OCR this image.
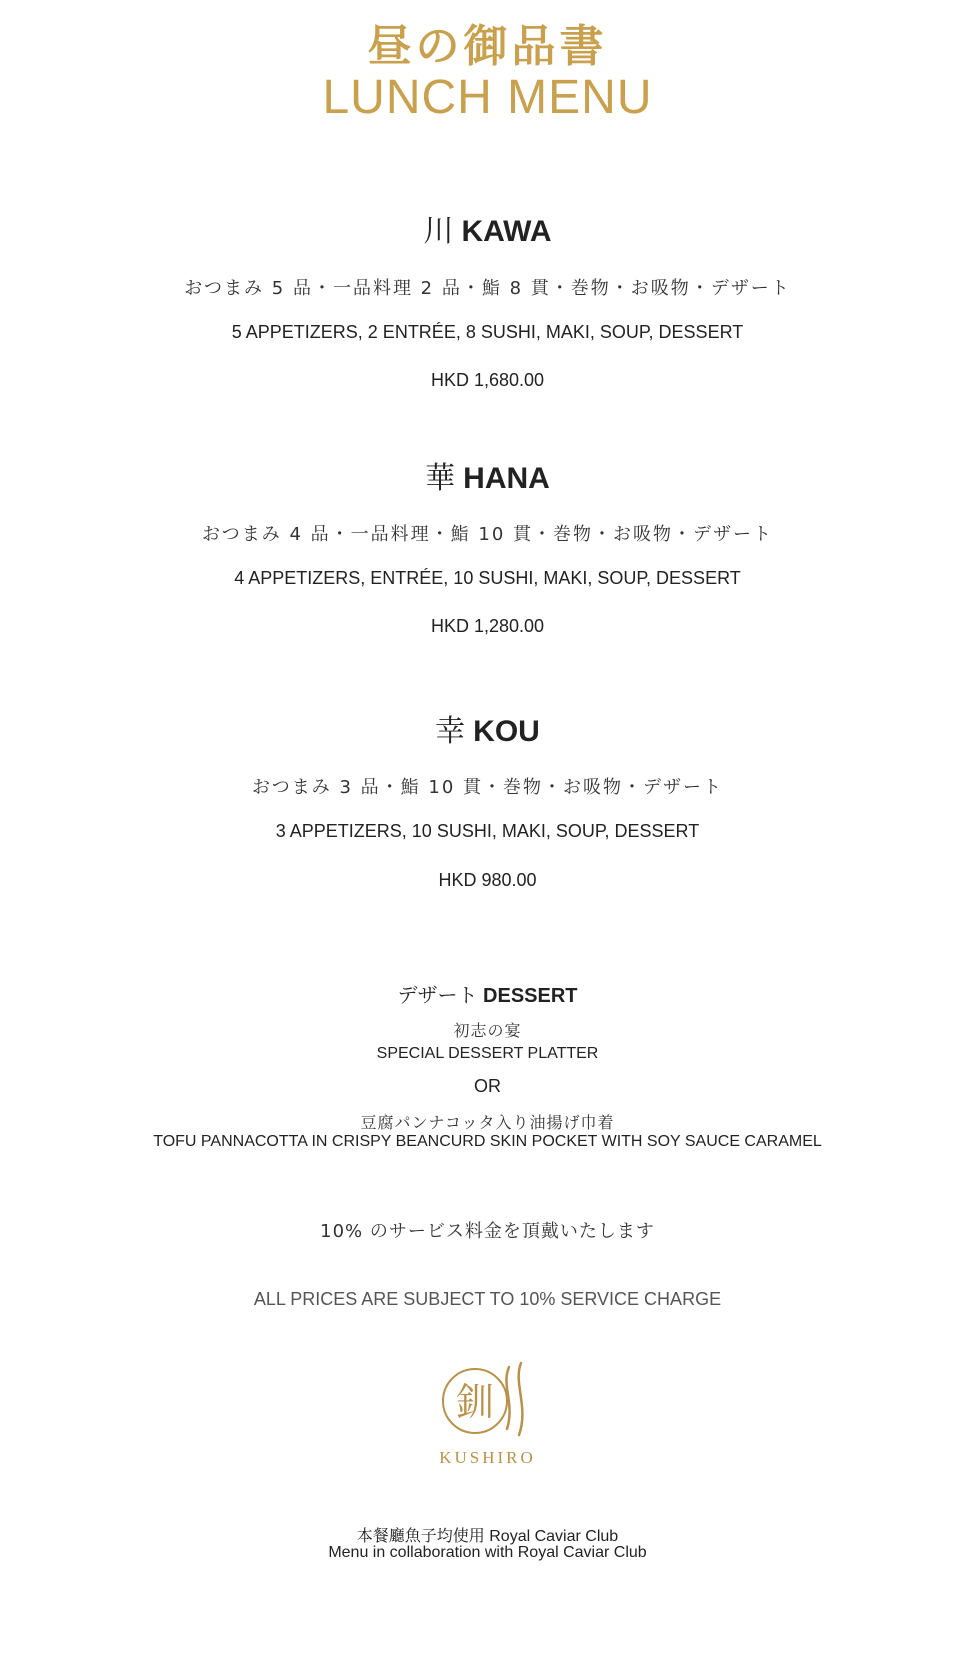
昼の御品書
LUNCH MENU
川 KAWA
おつまみ 5 品・一品料理 2 品・鮨 8 貫・巻物・お吸物・デザート
5 APPETIZERS, 2 ENTRÉE, 8 SUSHI, MAKI, SOUP, DESSERT
HKD 1,680.00
華 HANA
おつまみ 4 品・一品料理・鮨 10 貫・巻物・お吸物・デザート
4 APPETIZERS, ENTRÉE, 10 SUSHI, MAKI, SOUP, DESSERT
HKD 1,280.00
幸 KOU
おつまみ 3 品・鮨 10 貫・巻物・お吸物・デザート
3 APPETIZERS, 10 SUSHI, MAKI, SOUP, DESSERT
HKD 980.00
デザート DESSERT
初志の宴
SPECIAL DESSERT PLATTER
OR
豆腐パンナコッタ入り油揚げ巾着
TOFU PANNACOTTA IN CRISPY BEANCURD SKIN POCKET WITH SOY SAUCE CARAMEL
10% のサービス料金を頂戴いたします
ALL PRICES ARE SUBJECT TO 10% SERVICE CHARGE
釧
KUSHIRO
本餐廳魚子均使用 Royal Caviar Club
Menu in collaboration with Royal Caviar Club
